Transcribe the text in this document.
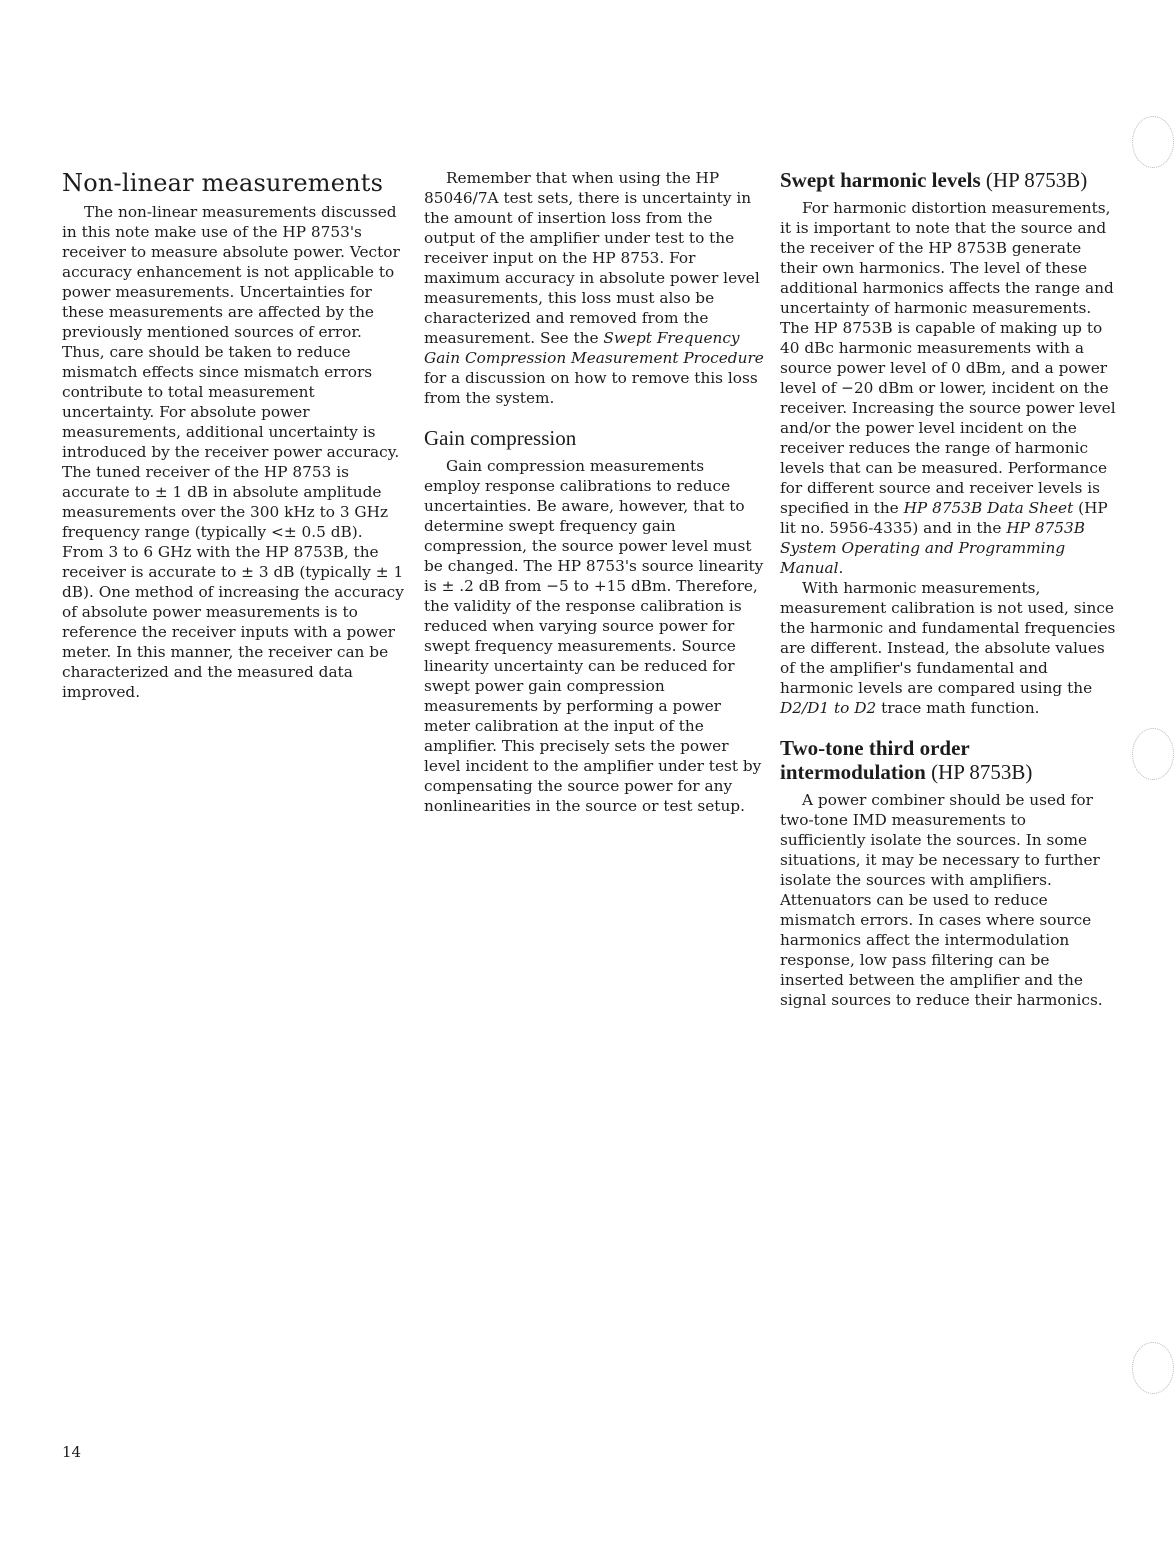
Non-linear measurements

The non-linear measurements discussed in this note make use of the HP 8753's receiver to measure absolute power. Vector accuracy enhancement is not applicable to power measurements. Uncertainties for these measurements are affected by the previously mentioned sources of error. Thus, care should be taken to reduce mismatch effects since mismatch errors contribute to total measurement uncertainty. For absolute power measurements, additional uncertainty is introduced by the receiver power accuracy. The tuned receiver of the HP 8753 is accurate to ± 1 dB in absolute amplitude measurements over the 300 kHz to 3 GHz frequency range (typically <± 0.5 dB). From 3 to 6 GHz with the HP 8753B, the receiver is accurate to ± 3 dB (typically ± 1 dB). One method of increasing the accuracy of absolute power measurements is to reference the receiver inputs with a power meter. In this manner, the receiver can be characterized and the measured data improved.

Remember that when using the HP 85046/7A test sets, there is uncertainty in the amount of insertion loss from the output of the amplifier under test to the receiver input on the HP 8753. For maximum accuracy in absolute power level measurements, this loss must also be characterized and removed from the measurement. See the Swept Frequency Gain Compression Measurement Procedure for a discussion on how to remove this loss from the system.

Gain compression

Gain compression measurements employ response calibrations to reduce uncertainties. Be aware, however, that to determine swept frequency gain compression, the source power level must be changed. The HP 8753's source linearity is ± .2 dB from −5 to +15 dBm. Therefore, the validity of the response calibration is reduced when varying source power for swept frequency measurements. Source linearity uncertainty can be reduced for swept power gain compression measurements by performing a power meter calibration at the input of the amplifier. This precisely sets the power level incident to the amplifier under test by compensating the source power for any nonlinearities in the source or test setup.

Swept harmonic levels (HP 8753B)

For harmonic distortion measurements, it is important to note that the source and the receiver of the HP 8753B generate their own harmonics. The level of these additional harmonics affects the range and uncertainty of harmonic measurements. The HP 8753B is capable of making up to 40 dBc harmonic measurements with a source power level of 0 dBm, and a power level of −20 dBm or lower, incident on the receiver. Increasing the source power level and/or the power level incident on the receiver reduces the range of harmonic levels that can be measured. Performance for different source and receiver levels is specified in the HP 8753B Data Sheet (HP lit no. 5956-4335) and in the HP 8753B System Operating and Programming Manual.

With harmonic measurements, measurement calibration is not used, since the harmonic and fundamental frequencies are different. Instead, the absolute values of the amplifier's fundamental and harmonic levels are compared using the D2/D1 to D2 trace math function.

Two-tone third order intermodulation (HP 8753B)

A power combiner should be used for two-tone IMD measurements to sufficiently isolate the sources. In some situations, it may be necessary to further isolate the sources with amplifiers. Attenuators can be used to reduce mismatch errors. In cases where source harmonics affect the intermodulation response, low pass filtering can be inserted between the amplifier and the signal sources to reduce their harmonics.

14
